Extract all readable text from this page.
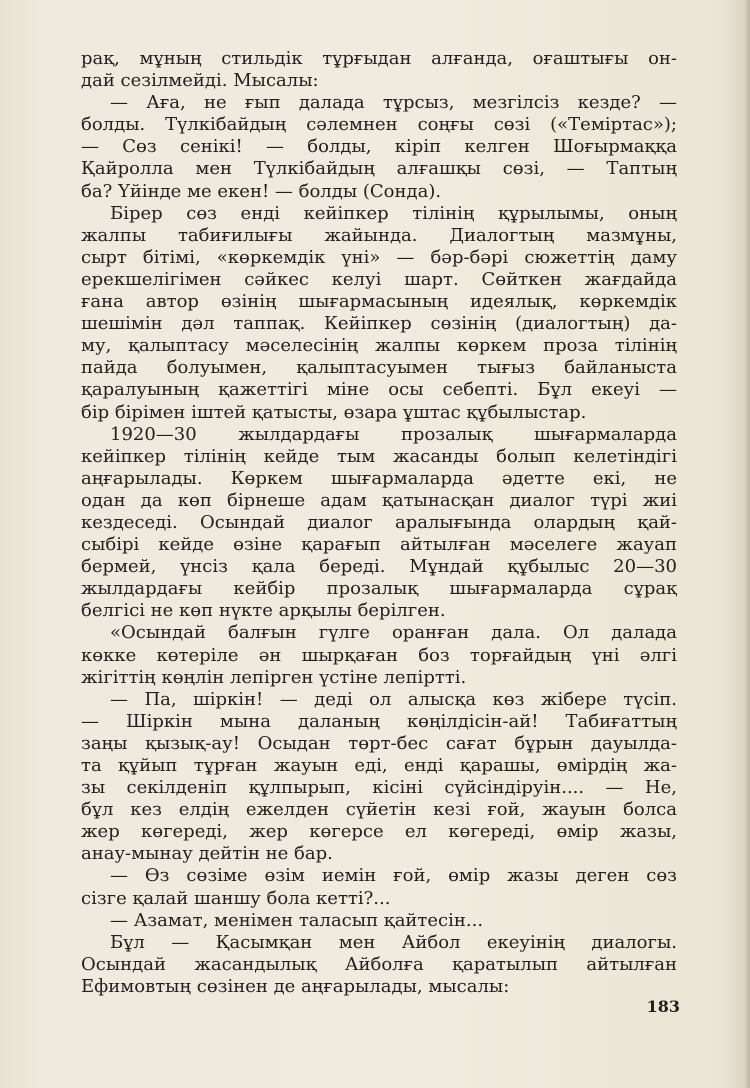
рақ, мұның стильдік тұрғыдан алғанда, оғаштығы он-
дай сезілмейді. Мысалы:
— Аға, не ғып далада тұрсыз, мезгілсіз кезде? —
болды. Түлкібайдың сәлемнен соңғы сөзі («Теміртас»);
— Сөз сенікі! — болды, кіріп келген Шоғырмаққа
Қайролла мен Түлкібайдың алғашқы сөзі, — Таптың
ба? Үйінде ме екен! — болды (Сонда).
Бірер сөз енді кейіпкер тілінің құрылымы, оның
жалпы табиғилығы жайында. Диалогтың мазмұны,
сырт бітімі, «көркемдік үні» — бәр-бәрі сюжеттің даму
ерекшелігімен сәйкес келуі шарт. Сөйткен жағдайда
ғана автор өзінің шығармасының идеялық, көркемдік
шешімін дәл таппақ. Кейіпкер сөзінің (диалогтың) да-
му, қалыптасу мәселесінің жалпы көркем проза тілінің
пайда болуымен, қалыптасуымен тығыз байланыста
қаралуының қажеттігі міне осы себепті. Бұл екеуі —
бір бірімен іштей қатысты, өзара ұштас құбылыстар.
1920—30 жылдардағы прозалық шығармаларда
кейіпкер тілінің кейде тым жасанды болып келетіндігі
аңғарылады. Көркем шығармаларда әдетте екі, не
одан да көп бірнеше адам қатынасқан диалог түрі жиі
кездеседі. Осындай диалог аралығында олардың қай-
сыбірі кейде өзіне қарағып айтылған мәселеге жауап
бермей, үнсіз қала береді. Мұндай құбылыс 20—30
жылдардағы кейбір прозалық шығармаларда сұрақ
белгісі не көп нүкте арқылы берілген.
«Осындай балғын гүлге оранған дала. Ол далада
көкке көтеріле ән шырқаған боз торғайдың үні әлгі
жігіттің көңлін лепірген үстіне лепіртті.
— Па, шіркін! — деді ол алысқа көз жібере түсіп.
— Шіркін мына даланың көңілдісін-ай! Табиғаттың
заңы қызық-ау! Осыдан төрт-бес сағат бұрын дауылда-
та құйып тұрған жауын еді, енді қарашы, өмірдің жа-
зы секілденіп құлпырып, кісіні сүйсіндіруін.... — Не,
бұл кез елдің ежелден сүйетін кезі ғой, жауын болса
жер көгереді, жер көгерсе ел көгереді, өмір жазы,
анау-мынау дейтін не бар.
— Өз сөзіме өзім иемін ғой, өмір жазы деген сөз
сізге қалай шаншу бола кетті?...
— Азамат, менімен таласып қайтесін...
Бұл — Қасымқан мен Айбол екеуінің диалогы.
Осындай жасандылық Айболға қаратылып айтылған
Ефимовтың сөзінен де аңғарылады, мысалы:
183
